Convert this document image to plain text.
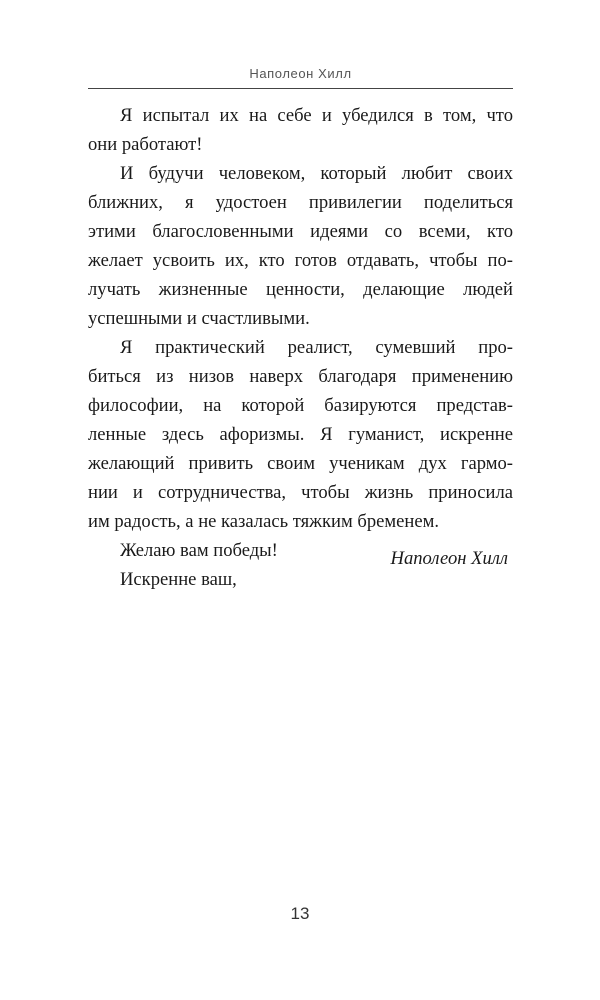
Наполеон Хилл
Я испытал их на себе и убедился в том, что
они работают!
И будучи человеком, который любит своих
ближних, я удостоен привилегии поделиться
этими благословенными идеями со всеми, кто
желает усвоить их, кто готов отдавать, чтобы по-
лучать жизненные ценности, делающие людей
успешными и счастливыми.
Я практический реалист, сумевший про-
биться из низов наверх благодаря применению
философии, на которой базируются представ-
ленные здесь афоризмы. Я гуманист, искренне
желающий привить своим ученикам дух гармо-
нии и сотрудничества, чтобы жизнь приносила
им радость, а не казалась тяжким бременем.
Желаю вам победы!
Искренне ваш,
Наполеон Хилл
13
